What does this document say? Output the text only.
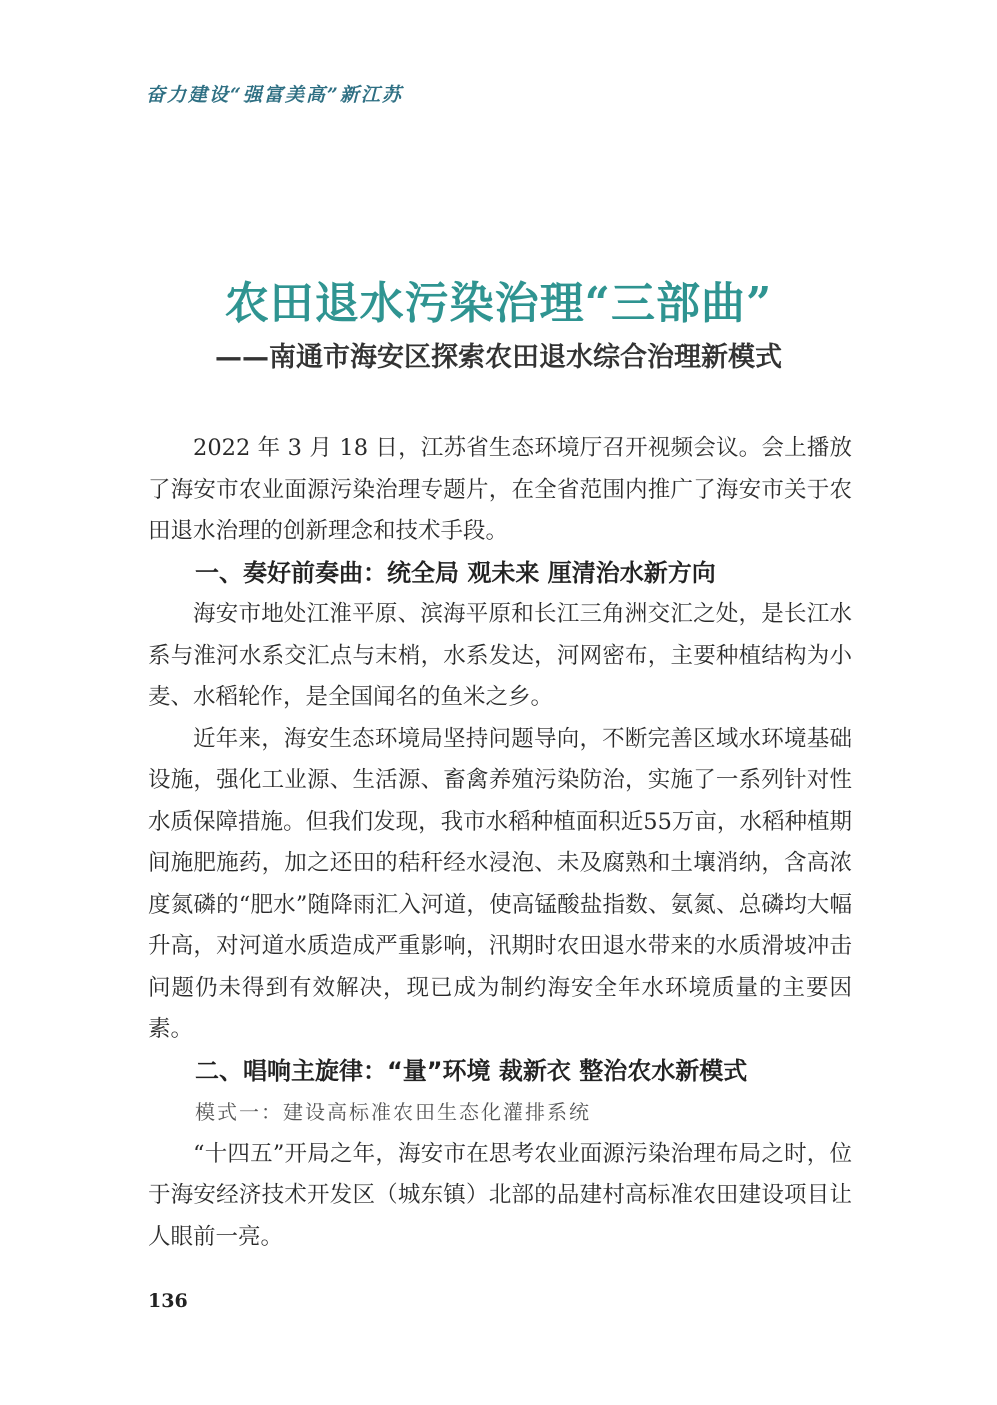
奋力建设“强富美高”新江苏
农田退水污染治理“三部曲”
——南通市海安区探索农田退水综合治理新模式

2022 年 3 月 18 日，江苏省生态环境厅召开视频会议。会上播放了海安市农业面源污染治理专题片，在全省范围内推广了海安市关于农田退水治理的创新理念和技术手段。

一、奏好前奏曲：统全局 观未来 厘清治水新方向

海安市地处江淮平原、滨海平原和长江三角洲交汇之处，是长江水系与淮河水系交汇点与末梢，水系发达，河网密布，主要种植结构为小麦、水稻轮作，是全国闻名的鱼米之乡。

近年来，海安生态环境局坚持问题导向，不断完善区域水环境基础设施，强化工业源、生活源、畜禽养殖污染防治，实施了一系列针对性水质保障措施。但我们发现，我市水稻种植面积近55万亩，水稻种植期间施肥施药，加之还田的秸秆经水浸泡、未及腐熟和土壤消纳，含高浓度氮磷的“肥水”随降雨汇入河道，使高锰酸盐指数、氨氮、总磷均大幅升高，对河道水质造成严重影响，汛期时农田退水带来的水质滑坡冲击问题仍未得到有效解决，现已成为制约海安全年水环境质量的主要因素。

二、唱响主旋律：“量”环境 裁新衣 整治农水新模式
模式一：建设高标准农田生态化灌排系统

“十四五”开局之年，海安市在思考农业面源污染治理布局之时，位于海安经济技术开发区（城东镇）北部的品建村高标准农田建设项目让人眼前一亮。

136
